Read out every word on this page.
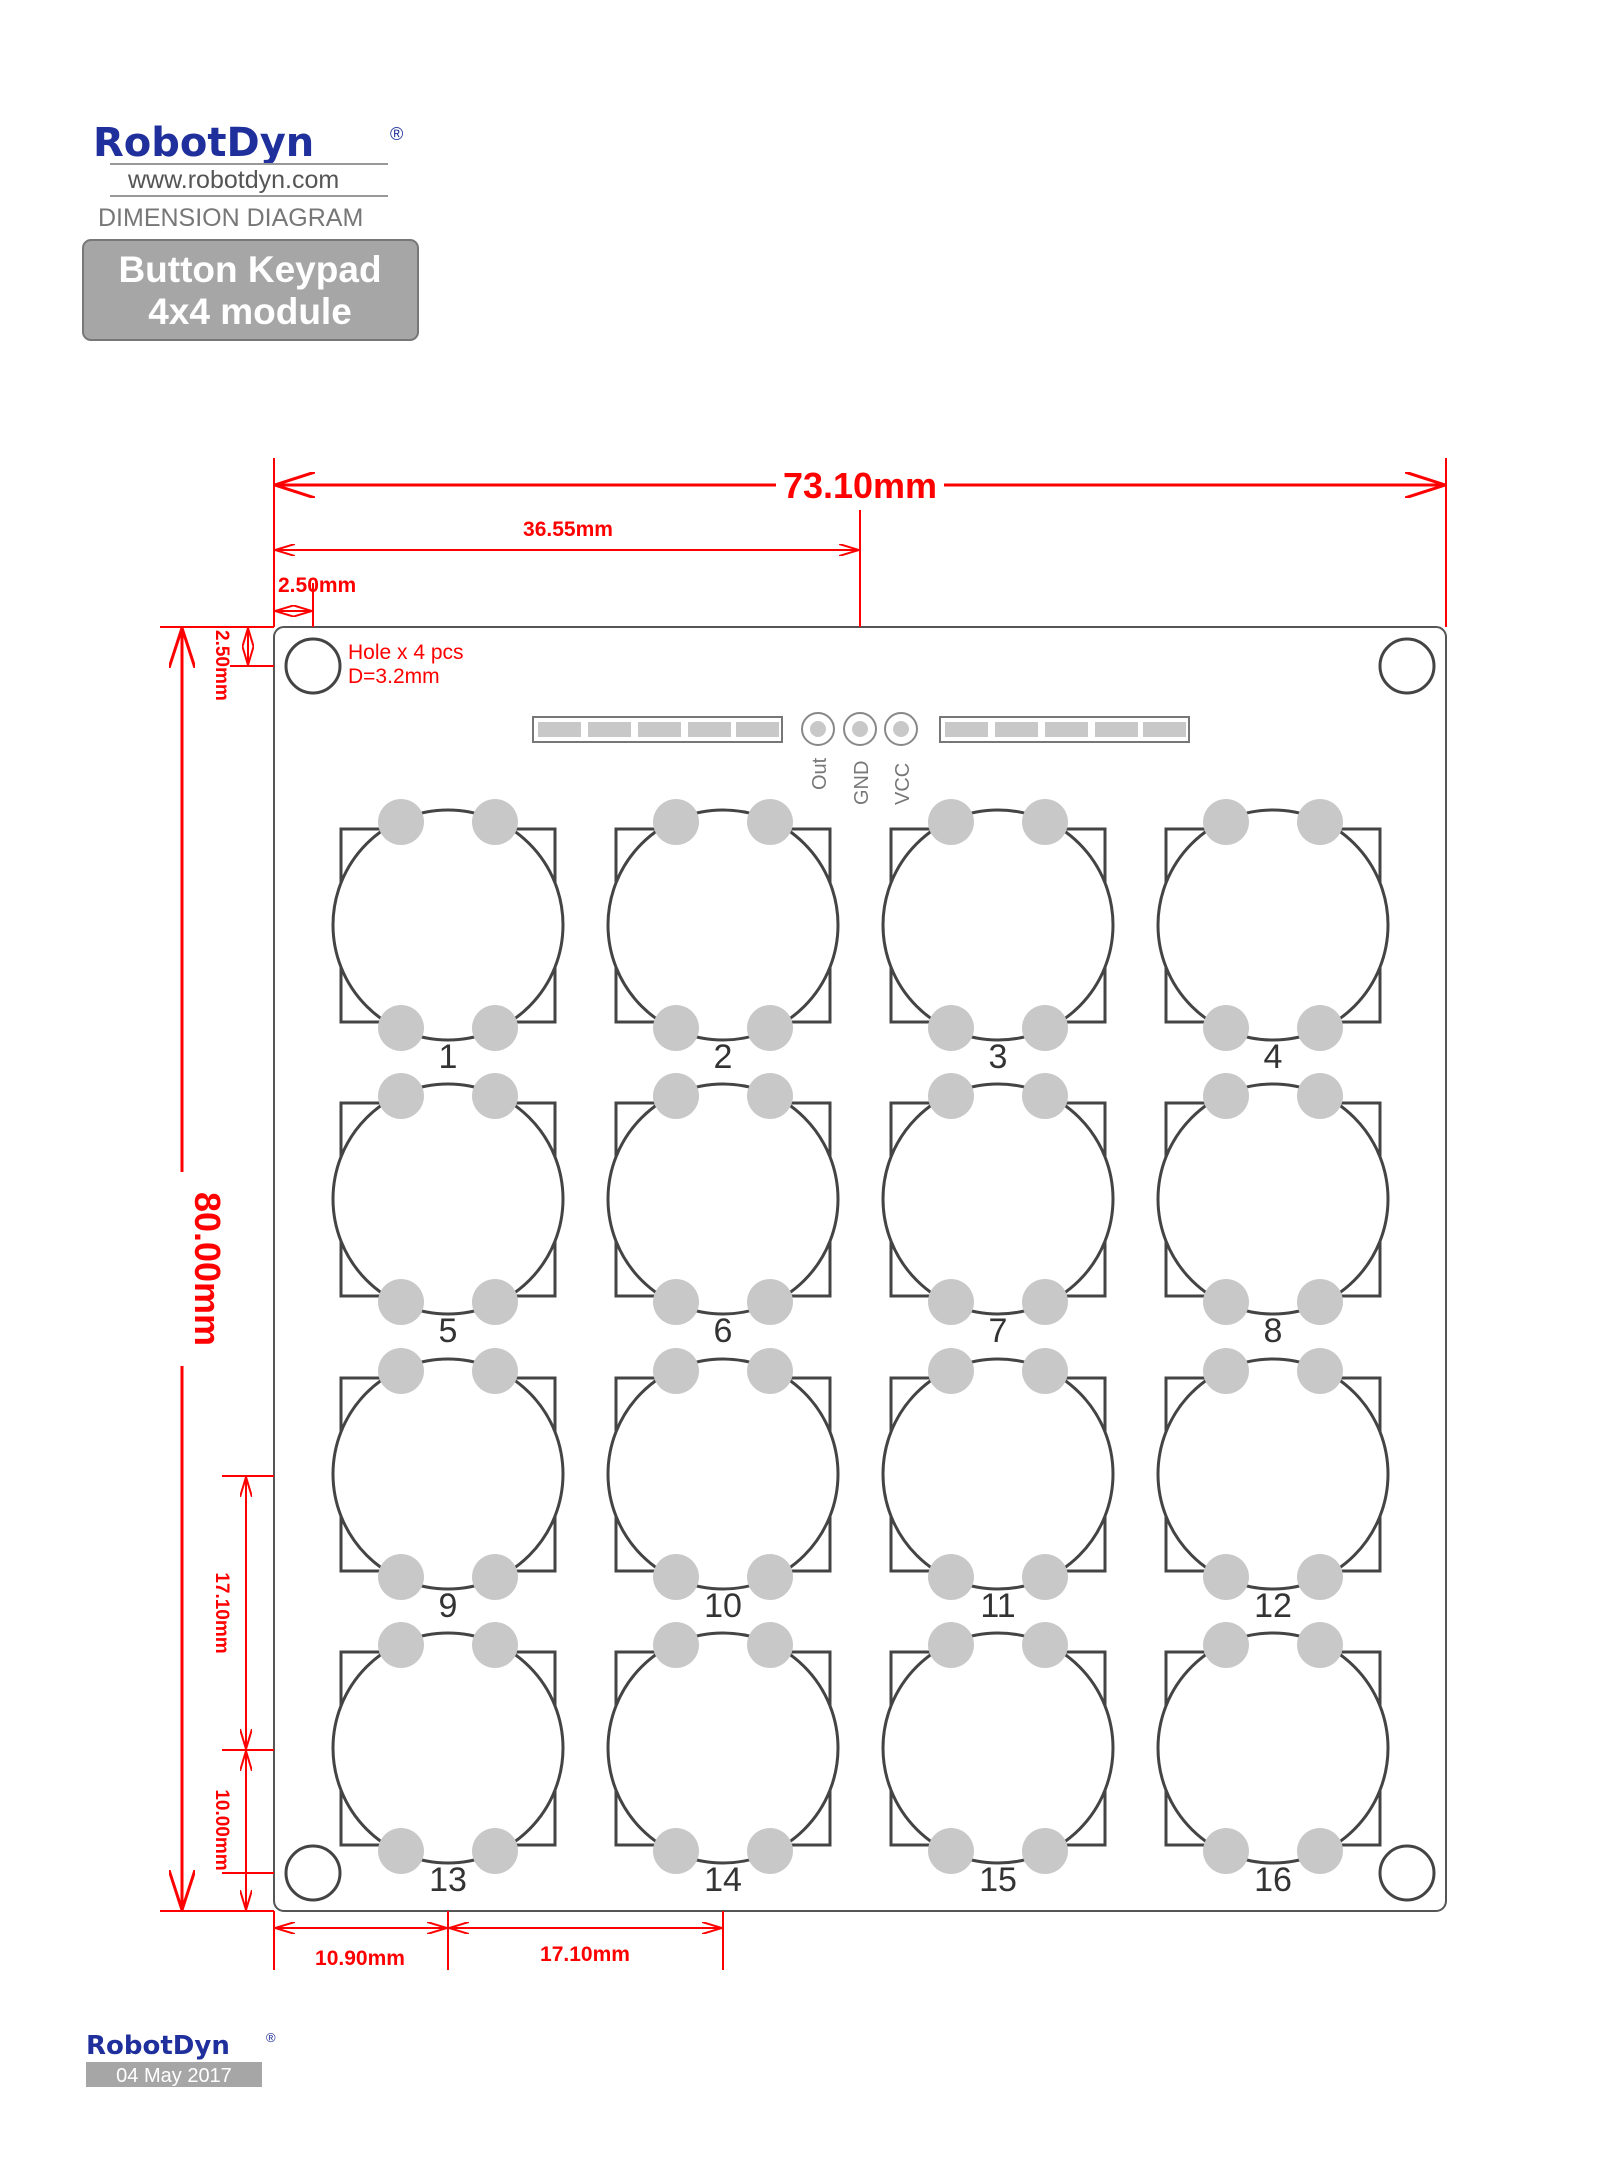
RobotDyn	®
www.robotdyn.com
DIMENSION DIAGRAM
Button Keypad
4x4 module
Hole x 4 pcs
D=3.2mm
Out GND VCC
1	2	3	4
5	6	7	8
9	10	11	12
13	14	15	16
73.10mm
36.55mm
2.50mm
80.00mm
2.50mm
17.10mm
10.00mm
10.90mm	17.10mm
RobotDyn	®
04 May 2017
